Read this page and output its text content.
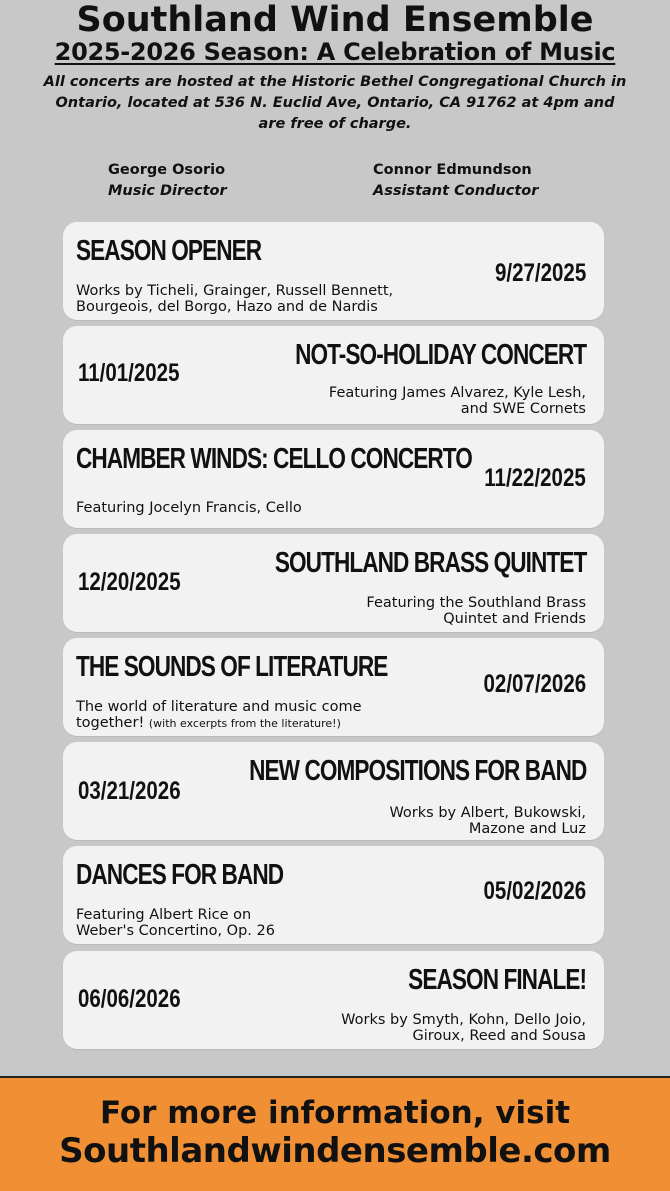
Southland Wind Ensemble
2025-2026 Season: A Celebration of Music
All concerts are hosted at the Historic Bethel Congregational Church in Ontario, located at 536 N. Euclid Ave, Ontario, CA 91762 at 4pm and are free of charge.
George Osorio
Music Director
Connor Edmundson
Assistant Conductor
SEASON OPENER
9/27/2025
Works by Ticheli, Grainger, Russell Bennett,
Bourgeois, del Borgo, Hazo and de Nardis
NOT-SO-HOLIDAY CONCERT
11/01/2025
Featuring James Alvarez, Kyle Lesh,
and SWE Cornets
CHAMBER WINDS: CELLO CONCERTO
11/22/2025
Featuring Jocelyn Francis, Cello
SOUTHLAND BRASS QUINTET
12/20/2025
Featuring the Southland Brass
Quintet and Friends
THE SOUNDS OF LITERATURE
02/07/2026
The world of literature and music come
together! (with excerpts from the literature!)
NEW COMPOSITIONS FOR BAND
03/21/2026
Works by Albert, Bukowski,
Mazone and Luz
DANCES FOR BAND	05/02/2026
Featuring Albert Rice on
Weber's Concertino, Op. 26
SEASON FINALE!
06/06/2026
Works by Smyth, Kohn, Dello Joio,
Giroux, Reed and Sousa
For more information, visit
Southlandwindensemble.com
